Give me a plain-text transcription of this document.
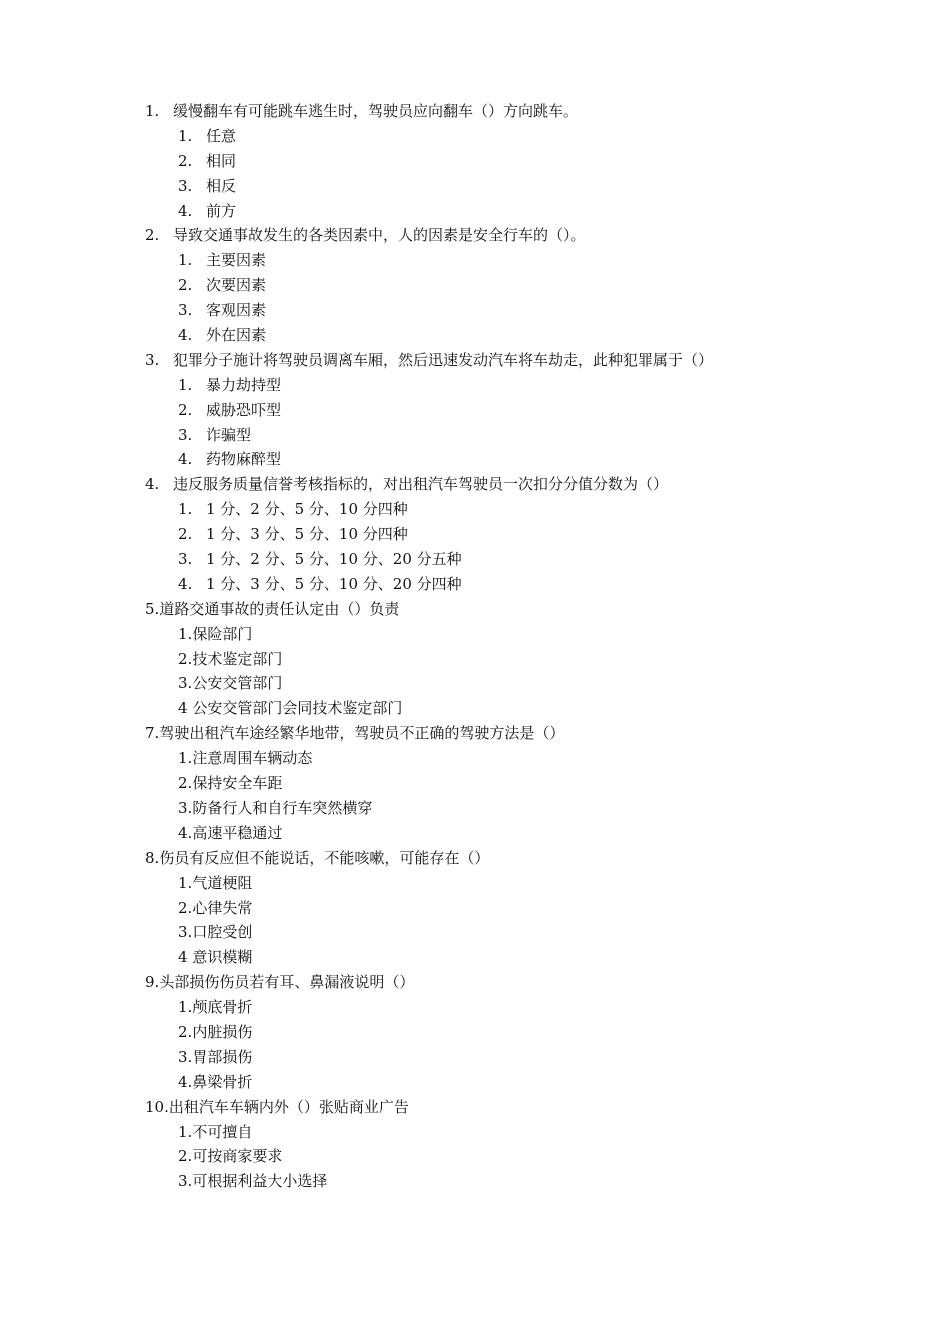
1. 缓慢翻车有可能跳车逃生时，驾驶员应向翻车（）方向跳车。
1. 任意
2. 相同
3. 相反
4. 前方
2. 导致交通事故发生的各类因素中，人的因素是安全行车的（）。
1. 主要因素
2. 次要因素
3. 客观因素
4. 外在因素
3. 犯罪分子施计将驾驶员调离车厢，然后迅速发动汽车将车劫走，此种犯罪属于（）
1. 暴力劫持型
2. 威胁恐吓型
3. 诈骗型
4. 药物麻醉型
4. 违反服务质量信誉考核指标的，对出租汽车驾驶员一次扣分分值分数为（）
1. 1 分、2 分、5 分、10 分四种
2. 1 分、3 分、5 分、10 分四种
3. 1 分、2 分、5 分、10 分、20 分五种
4. 1 分、3 分、5 分、10 分、20 分四种
5.道路交通事故的责任认定由（）负责
1.保险部门
2.技术鉴定部门
3.公安交管部门
4 公安交管部门会同技术鉴定部门
7.驾驶出租汽车途经繁华地带，驾驶员不正确的驾驶方法是（）
1.注意周围车辆动态
2.保持安全车距
3.防备行人和自行车突然横穿
4.高速平稳通过
8.伤员有反应但不能说话，不能咳嗽，可能存在（）
1.气道梗阻
2.心律失常
3.口腔受创
4 意识模糊
9.头部损伤伤员若有耳、鼻漏液说明（）
1.颅底骨折
2.内脏损伤
3.胃部损伤
4.鼻梁骨折
10.出租汽车车辆内外（）张贴商业广告
1.不可擅自
2.可按商家要求
3.可根据利益大小选择
